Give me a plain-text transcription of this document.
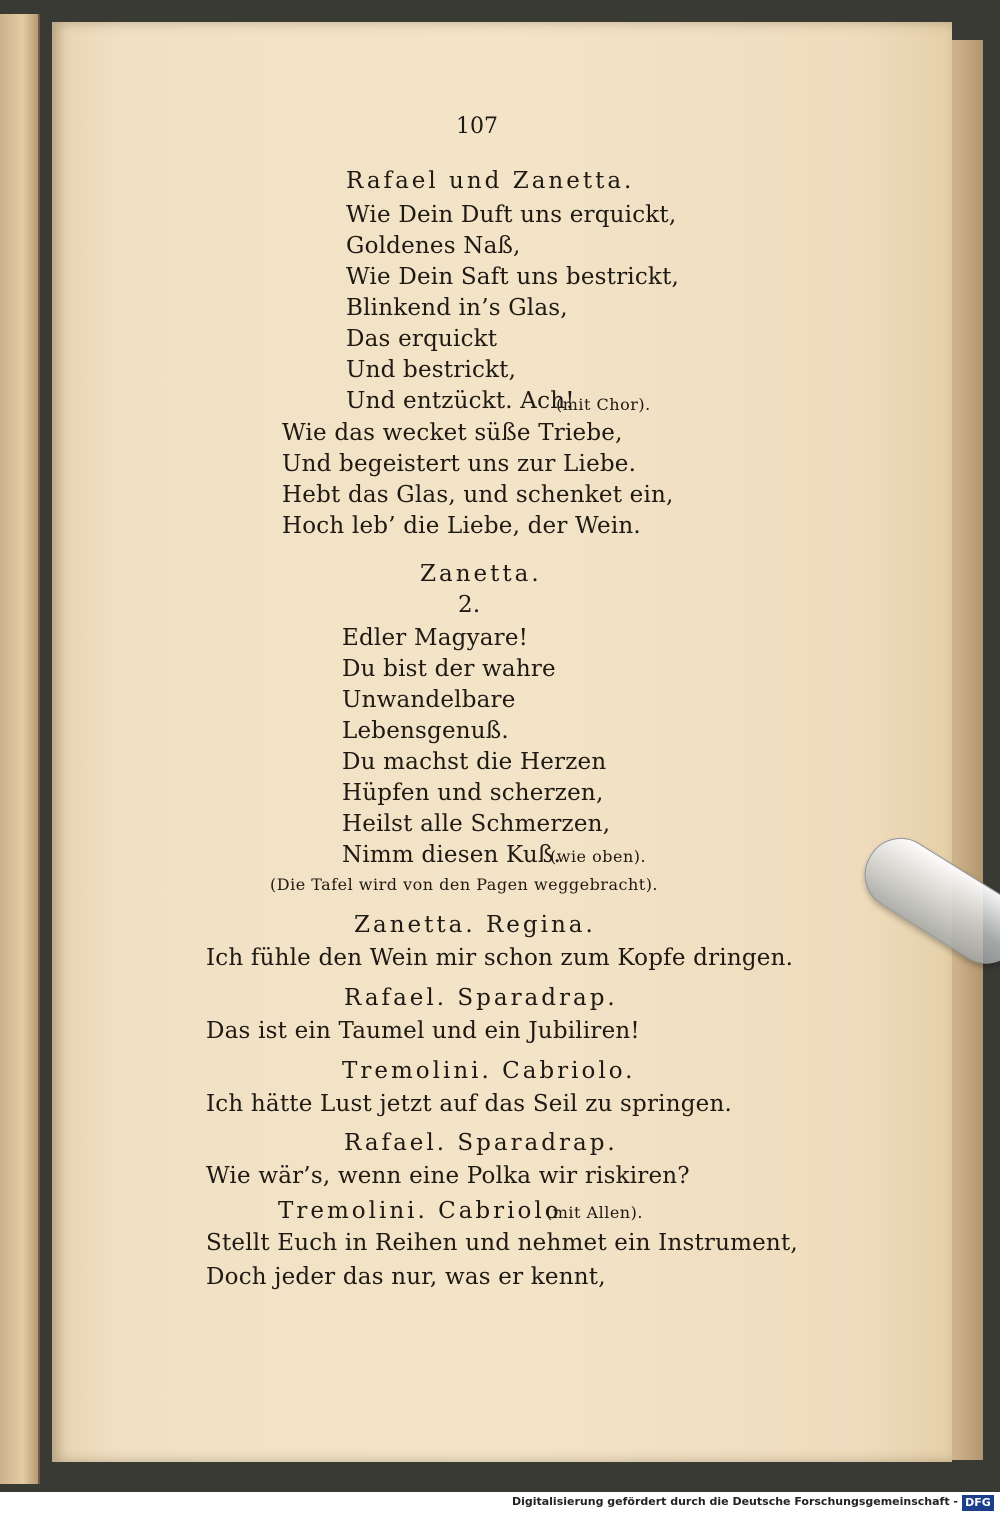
107
Rafael und Zanetta.
Wie Dein Duft uns erquickt,
Goldenes Naß,
Wie Dein Saft uns bestrickt,
Blinkend in’s Glas,
Das erquickt
Und bestrickt,
Und entzückt. Ach!
(mit Chor).
Wie das wecket süße Triebe,
Und begeistert uns zur Liebe.
Hebt das Glas, und schenket ein,
Hoch leb’ die Liebe, der Wein.
Zanetta.
2.
Edler Magyare!
Du bist der wahre
Unwandelbare
Lebensgenuß.
Du machst die Herzen
Hüpfen und scherzen,
Heilst alle Schmerzen,
Nimm diesen Kuß.
(wie oben).
(Die Tafel wird von den Pagen weggebracht).
Zanetta. Regina.
Ich fühle den Wein mir schon zum Kopfe dringen.
Rafael. Sparadrap.
Das ist ein Taumel und ein Jubiliren!
Tremolini. Cabriolo.
Ich hätte Lust jetzt auf das Seil zu springen.
Rafael. Sparadrap.
Wie wär’s, wenn eine Polka wir riskiren?
Tremolini. Cabriolo
(mit Allen).
Stellt Euch in Reihen und nehmet ein Instrument,
Doch jeder das nur, was er kennt,
Digitalisierung gefördert durch die Deutsche Forschungsgemeinschaft - DFG
